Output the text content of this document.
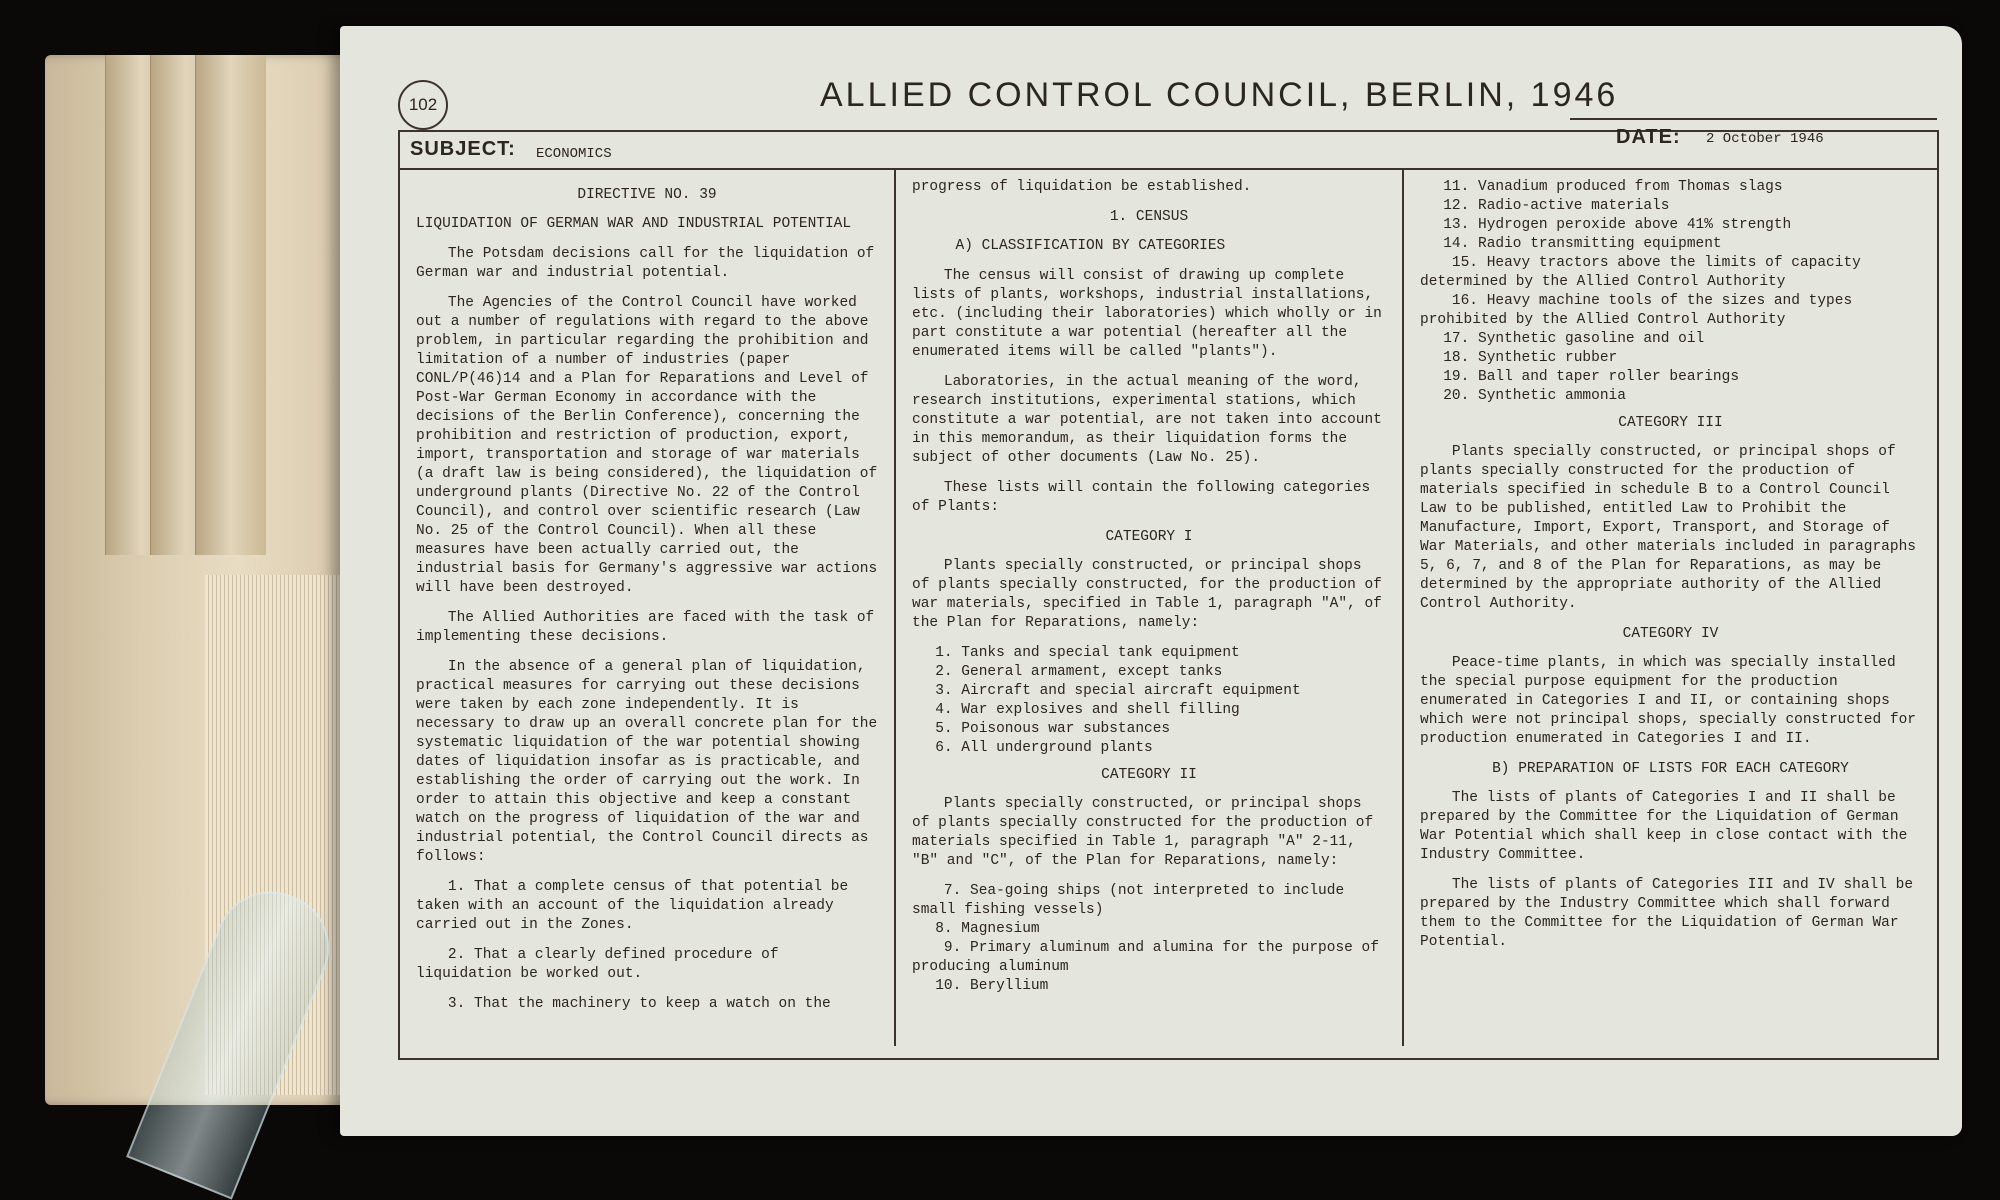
102	ALLIED CONTROL COUNCIL, BERLIN, 1946
SUBJECT: ECONOMICS
DATE: 2 October 1946

DIRECTIVE NO. 39

LIQUIDATION OF GERMAN WAR AND INDUSTRIAL POTENTIAL

The Potsdam decisions call for the liquidation of German war and industrial potential.

The Agencies of the Control Council have worked out a number of regulations with regard to the above problem, in particular regarding the prohibition and limitation of a number of industries (paper CONL/P(46)14 and a Plan for Reparations and Level of Post-War German Economy in accordance with the decisions of the Berlin Conference), concerning the prohibition and restriction of production, export, import, transportation and storage of war materials (a draft law is being considered), the liquidation of underground plants (Directive No. 22 of the Control Council), and control over scientific research (Law No. 25 of the Control Council). When all these measures have been actually carried out, the industrial basis for Germany's aggressive war actions will have been destroyed.

The Allied Authorities are faced with the task of implementing these decisions.

In the absence of a general plan of liquidation, practical measures for carrying out these decisions were taken by each zone independently. It is necessary to draw up an overall concrete plan for the systematic liquidation of the war potential showing dates of liquidation insofar as is practicable, and establishing the order of carrying out the work. In order to attain this objective and keep a constant watch on the progress of liquidation of the war and industrial potential, the Control Council directs as follows:

1. That a complete census of that potential be taken with an account of the liquidation already carried out in the Zones.

2. That a clearly defined procedure of liquidation be worked out.

3. That the machinery to keep a watch on the

progress of liquidation be established.

1. CENSUS

A) CLASSIFICATION BY CATEGORIES

The census will consist of drawing up complete lists of plants, workshops, industrial installations, etc. (including their laboratories) which wholly or in part constitute a war potential (hereafter all the enumerated items will be called "plants").

Laboratories, in the actual meaning of the word, research institutions, experimental stations, which constitute a war potential, are not taken into account in this memorandum, as their liquidation forms the subject of other documents (Law No. 25).

These lists will contain the following categories of Plants:

CATEGORY I

Plants specially constructed, or principal shops of plants specially constructed, for the production of war materials, specified in Table 1, paragraph "A", of the Plan for Reparations, namely:

1. Tanks and special tank equipment

2. General armament, except tanks

3. Aircraft and special aircraft equipment

4. War explosives and shell filling

5. Poisonous war substances

6. All underground plants

CATEGORY II

Plants specially constructed, or principal shops of plants specially constructed for the production of materials specified in Table 1, paragraph "A" 2-11, "B" and "C", of the Plan for Reparations, namely:

7. Sea-going ships (not interpreted to include small fishing vessels)

8. Magnesium

9. Primary aluminum and alumina for the purpose of producing aluminum

10. Beryllium

11. Vanadium produced from Thomas slags

12. Radio-active materials

13. Hydrogen peroxide above 41% strength

14. Radio transmitting equipment

15. Heavy tractors above the limits of capacity determined by the Allied Control Authority

16. Heavy machine tools of the sizes and types prohibited by the Allied Control Authority

17. Synthetic gasoline and oil

18. Synthetic rubber

19. Ball and taper roller bearings

20. Synthetic ammonia

CATEGORY III

Plants specially constructed, or principal shops of plants specially constructed for the production of materials specified in schedule B to a Control Council Law to be published, entitled Law to Prohibit the Manufacture, Import, Export, Transport, and Storage of War Materials, and other materials included in paragraphs 5, 6, 7, and 8 of the Plan for Reparations, as may be determined by the appropriate authority of the Allied Control Authority.

CATEGORY IV

Peace-time plants, in which was specially installed the special purpose equipment for the production enumerated in Categories I and II, or containing shops which were not principal shops, specially constructed for production enumerated in Categories I and II.

B) PREPARATION OF LISTS FOR EACH CATEGORY

The lists of plants of Categories I and II shall be prepared by the Committee for the Liquidation of German War Potential which shall keep in close contact with the Industry Committee.

The lists of plants of Categories III and IV shall be prepared by the Industry Committee which shall forward them to the Committee for the Liquidation of German War Potential.
